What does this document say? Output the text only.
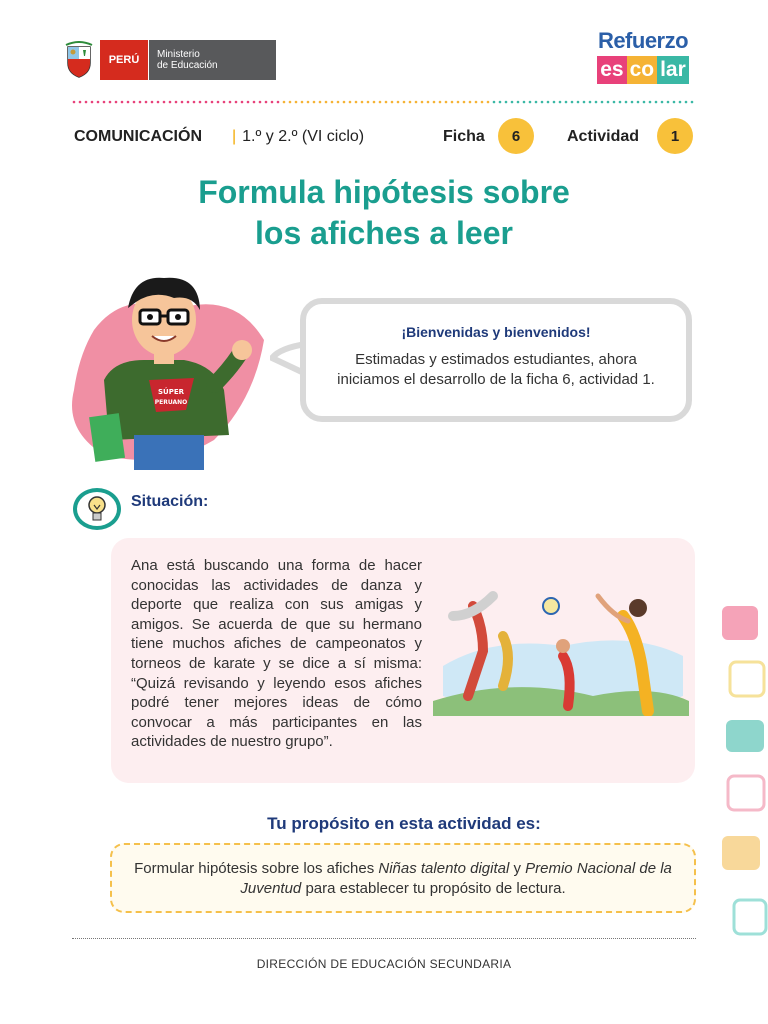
PERÚ	Ministerio
de Educación
Refuerzo
es co lar
COMUNICACIÓN | 1.º y 2.º (VI ciclo)	Ficha	6	Actividad	1
Formula hipótesis sobre
los afiches a leer
SÚPER
PERUANO
¡Bienvenidas y bienvenidos!
Estimadas y estimados estudiantes, ahora iniciamos el desarrollo de la ficha 6, actividad 1.
Situación:
Ana está buscando una forma de hacer conocidas las actividades de danza y deporte que realiza con sus amigas y amigos. Se acuerda de que su hermano tiene muchos afiches de campeonatos y torneos de karate y se dice a sí misma: “Quizá revisando y leyendo esos afiches podré tener mejores ideas de cómo convocar a más participantes en las actividades de nuestro grupo”.
Tu propósito en esta actividad es:
Formular hipótesis sobre los afiches Niñas talento digital y Premio Nacional de la Juventud para establecer tu propósito de lectura.
DIRECCIÓN DE EDUCACIÓN SECUNDARIA
